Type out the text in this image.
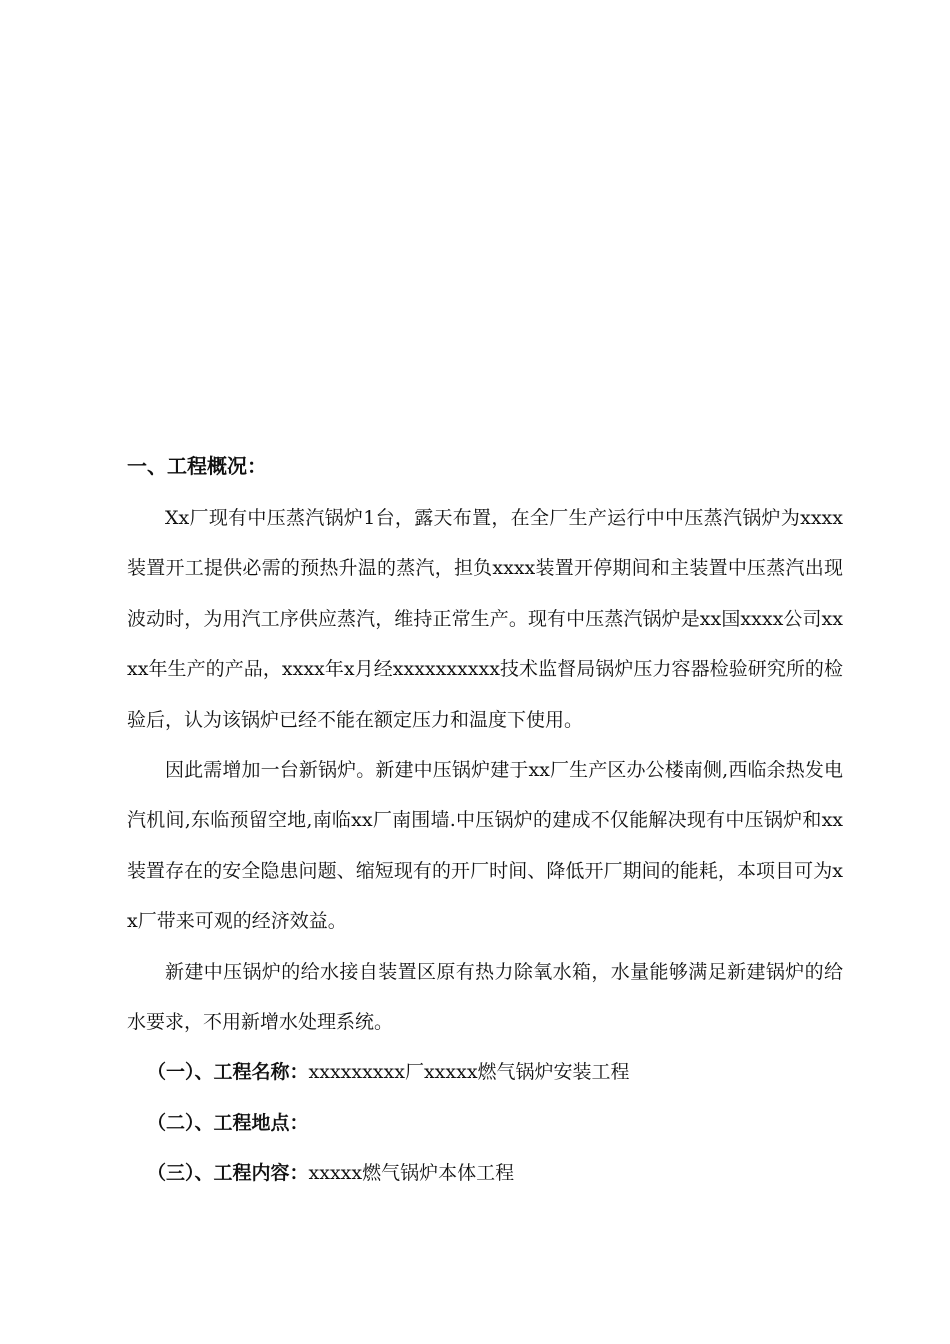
一、工程概况：

Xx厂现有中压蒸汽锅炉1台，露天布置，在全厂生产运行中中压蒸汽锅炉为xxxx装置开工提供必需的预热升温的蒸汽，担负xxxx装置开停期间和主装置中压蒸汽出现波动时，为用汽工序供应蒸汽，维持正常生产。现有中压蒸汽锅炉是xx国xxxx公司xxxx年生产的产品，xxxx年x月经xxxxxxxxxx技术监督局锅炉压力容器检验研究所的检验后，认为该锅炉已经不能在额定压力和温度下使用。

因此需增加一台新锅炉。新建中压锅炉建于xx厂生产区办公楼南侧,西临余热发电汽机间,东临预留空地,南临xx厂南围墙.中压锅炉的建成不仅能解决现有中压锅炉和xx装置存在的安全隐患问题、缩短现有的开厂时间、降低开厂期间的能耗，本项目可为xx厂带来可观的经济效益。

新建中压锅炉的给水接自装置区原有热力除氧水箱，水量能够满足新建锅炉的给水要求，不用新增水处理系统。

（一）、工程名称：xxxxxxxxx厂xxxxx燃气锅炉安装工程
（二）、工程地点：
（三）、工程内容：xxxxx燃气锅炉本体工程
